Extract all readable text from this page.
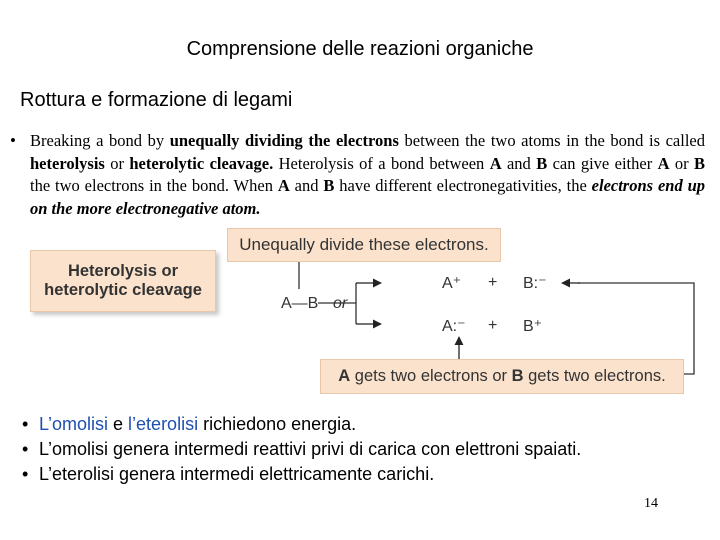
Comprensione delle reazioni organiche
Rottura e formazione di legami
• Breaking a bond by unequally dividing the electrons between the two atoms in the bond is called heterolysis or heterolytic cleavage. Heterolysis of a bond between A and B can give either A or B the two electrons in the bond. When A and B have different electronegativities, the electrons end up on the more electronegative atom.
Unequally divide these electrons.
Heterolysis or
heterolytic cleavage
A—B or
A⁺ + B:⁻
A:⁻ + B⁺
A gets two electrons or B gets two electrons.
• L’omolisi e l’eterolisi richiedono energia.
• L’omolisi genera intermedi reattivi privi di carica con elettroni spaiati.
• L’eterolisi genera intermedi elettricamente carichi.
14
